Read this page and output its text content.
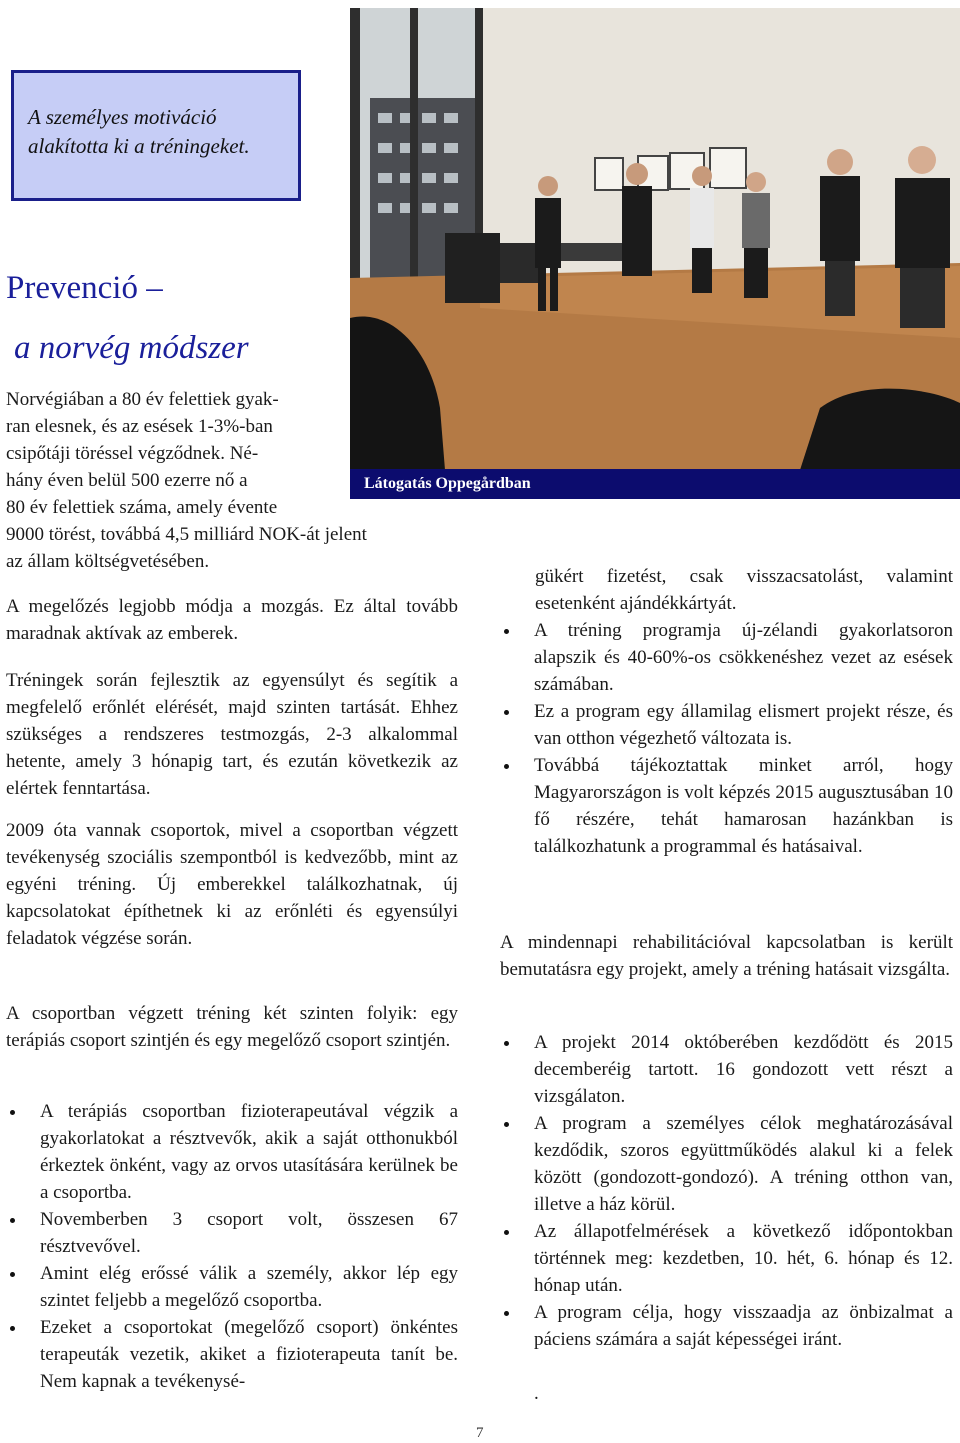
A személyes motiváció alakította ki a tréningeket.
Látogatás Oppegårdban
Prevenció –
a norvég módszer
Norvégiában a 80 év felettiek gyak-
ran elesnek, és az esések 1-3%-ban
csipőtáji töréssel végződnek. Né-
hány éven belül 500 ezerre nő a
80 év felettiek száma, amely évente
9000 törést, továbbá 4,5 milliárd NOK-át jelent
az állam költségvetésében.

A megelőzés legjobb módja a mozgás. Ez által tovább maradnak aktívak az emberek.

Tréningek során fejlesztik az egyensúlyt és segítik a megfelelő erőnlét elérését, majd szinten tartását. Ehhez szükséges a rendszeres testmozgás, 2-3 alkalommal hetente, amely 3 hónapig tart, és ezután következik az elértek fenntartása.

2009 óta vannak csoportok, mivel a csoportban végzett tevékenység szociális szempontból is kedvezőbb, mint az egyéni tréning. Új emberekkel találkozhatnak, új kapcsolatokat építhetnek ki az erőnléti és egyensúlyi feladatok végzése során.

A csoportban végzett tréning két szinten folyik: egy terápiás csoport szintjén és egy megelőző csoport szintjén.

A terápiás csoportban fizioterapeutával végzik a gyakorlatokat a résztvevők, akik a saját otthonukból érkeztek önként, vagy az orvos utasítására kerülnek be a csoportba.
Novemberben 3 csoport volt, összesen 67 résztvevővel.
Amint elég erőssé válik a személy, akkor lép egy szintet feljebb a megelőző csoportba.
Ezeket a csoportokat (megelőző csoport) önkéntes terapeuták vezetik, akiket a fizioterapeuta tanít be. Nem kapnak a tevékenysé-

gükért fizetést, csak visszacsatolást, valamint esetenként ajándékkártyát.

A tréning programja új-zélandi gyakorlatsoron alapszik és 40-60%-os csökkenéshez vezet az esések számában.
Ez a program egy államilag elismert projekt része, és van otthon végezhető változata is.
Továbbá tájékoztattak minket arról, hogy Magyarországon is volt képzés 2015 augusztusában 10 fő részére, tehát hamarosan hazánkban is találkozhatunk a programmal és hatásaival.

A mindennapi rehabilitációval kapcsolatban is került bemutatásra egy projekt, amely a tréning hatásait vizsgálta.

A projekt 2014 októberében kezdődött és 2015 decemberéig tartott. 16 gondozott vett részt a vizsgálaton.
A program a személyes célok meghatározásával kezdődik, szoros együttműködés alakul ki a felek között (gondozott-gondozó). A tréning otthon van, illetve a ház körül.
Az állapotfelmérések a következő időpontokban történnek meg: kezdetben, 10. hét, 6. hónap és 12. hónap után.
A program célja, hogy visszaadja az önbizalmat a páciens számára a saját képességei iránt.
.
7
